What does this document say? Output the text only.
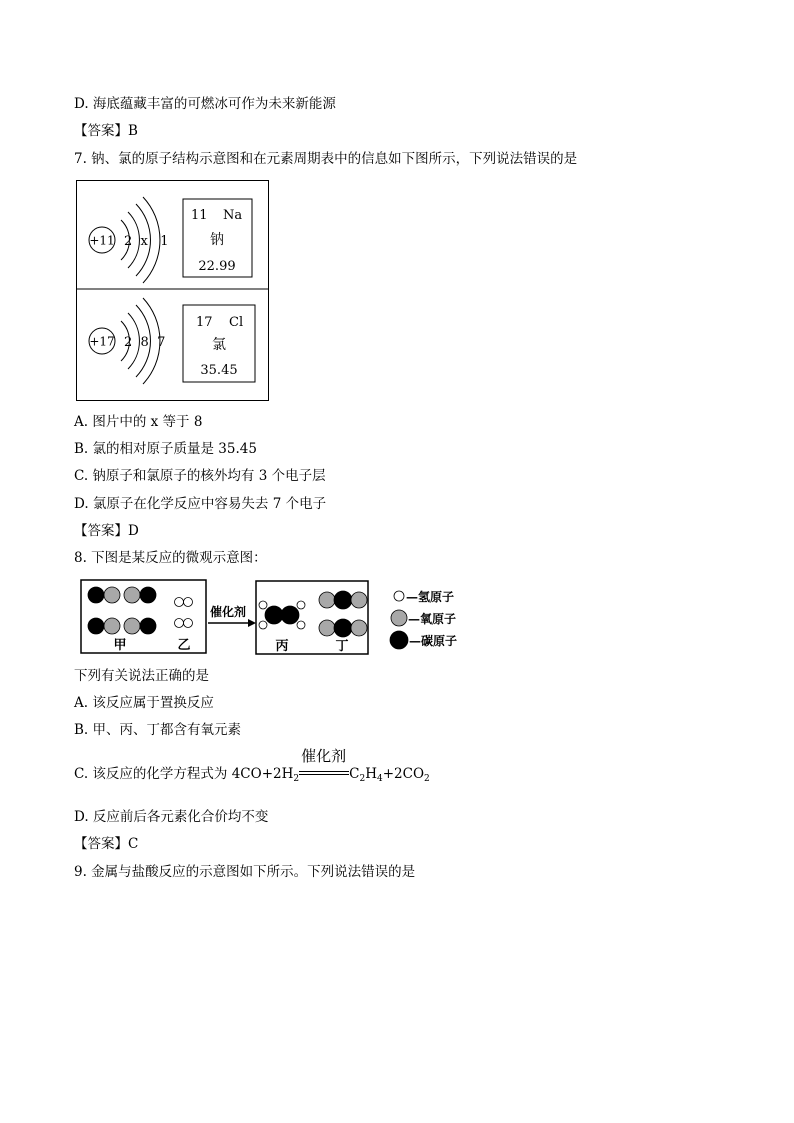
D. 海底蕴藏丰富的可燃冰可作为未来新能源
【答案】B
7. 钠、氯的原子结构示意图和在元素周期表中的信息如下图所示，下列说法错误的是
+11 2  x   1
11 Na
钠
22.99
+17 2  8  7
17 Cl
氯
35.45
A. 图片中的 x 等于 8
B. 氯的相对原子质量是 35.45
C. 钠原子和氯原子的核外均有 3 个电子层
D. 氯原子在化学反应中容易失去 7 个电子
【答案】D
8. 下图是某反应的微观示意图：
甲	乙
催化剂
丙	丁
—氢原子
—氧原子
—碳原子
下列有关说法正确的是
A. 该反应属于置换反应
B. 甲、丙、丁都含有氧元素
C. 该反应的化学方程式为 $4CO+2H_2$
催化剂
$C_2H_4+2CO_2$
D. 反应前后各元素化合价均不变
【答案】C
9. 金属与盐酸反应的示意图如下所示。下列说法错误的是
